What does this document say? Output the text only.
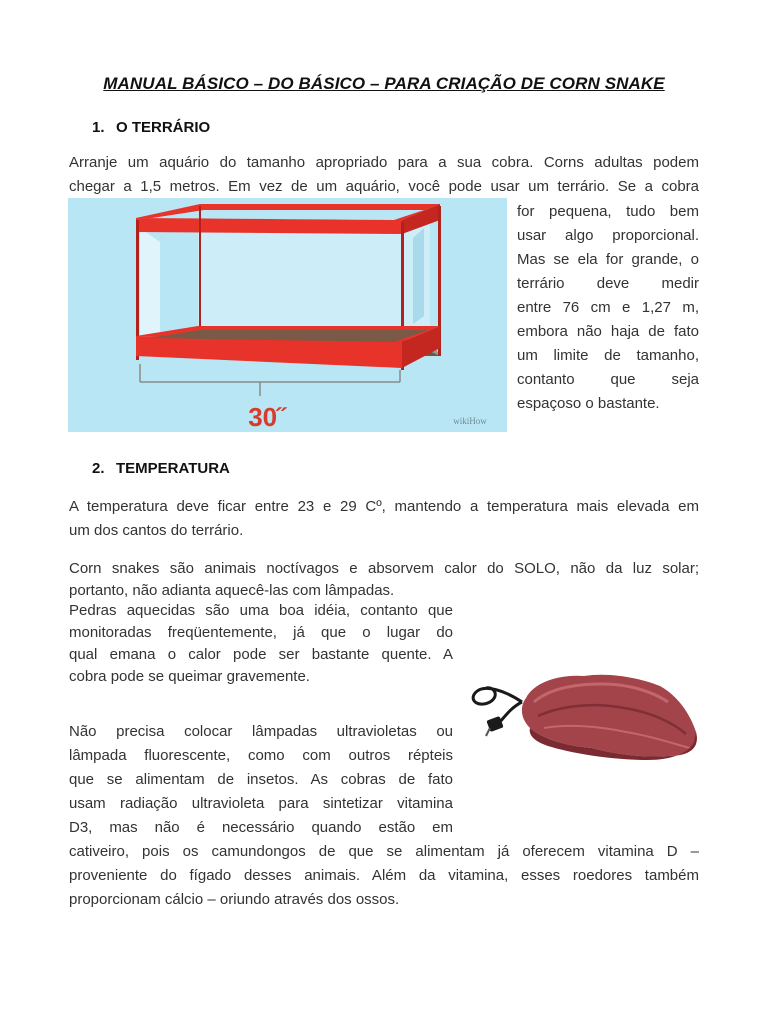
MANUAL BÁSICO – DO BÁSICO – PARA CRIAÇÃO DE CORN SNAKE
1. O TERRÁRIO
Arranje um aquário do tamanho apropriado para a sua cobra. Corns adultas podem
chegar a 1,5 metros. Em vez de um aquário, você pode usar um terrário. Se a cobra
30˝	wikiHow
for pequena, tudo bem
usar algo proporcional.
Mas se ela for grande, o
terrário deve medir
entre 76 cm e 1,27 m,
embora não haja de fato
um limite de tamanho,
contanto que seja
espaçoso o bastante.
2. TEMPERATURA
A temperatura deve ficar entre 23 e 29 Cº, mantendo a temperatura mais elevada em
um dos cantos do terrário.
Corn snakes são animais noctívagos e absorvem calor do SOLO, não da luz solar;
portanto, não adianta aquecê-las com lâmpadas.
Pedras aquecidas são uma boa idéia, contanto que
monitoradas freqüentemente, já que o lugar do
qual emana o calor pode ser bastante quente. A
cobra pode se queimar gravemente.
Não precisa colocar lâmpadas ultravioletas ou
lâmpada fluorescente, como com outros répteis
que se alimentam de insetos. As cobras de fato
usam radiação ultravioleta para sintetizar vitamina
D3, mas não é necessário quando estão em
cativeiro, pois os camundongos de que se alimentam já oferecem vitamina D –
proveniente do fígado desses animais. Além da vitamina, esses roedores também
proporcionam cálcio – oriundo através dos ossos.
